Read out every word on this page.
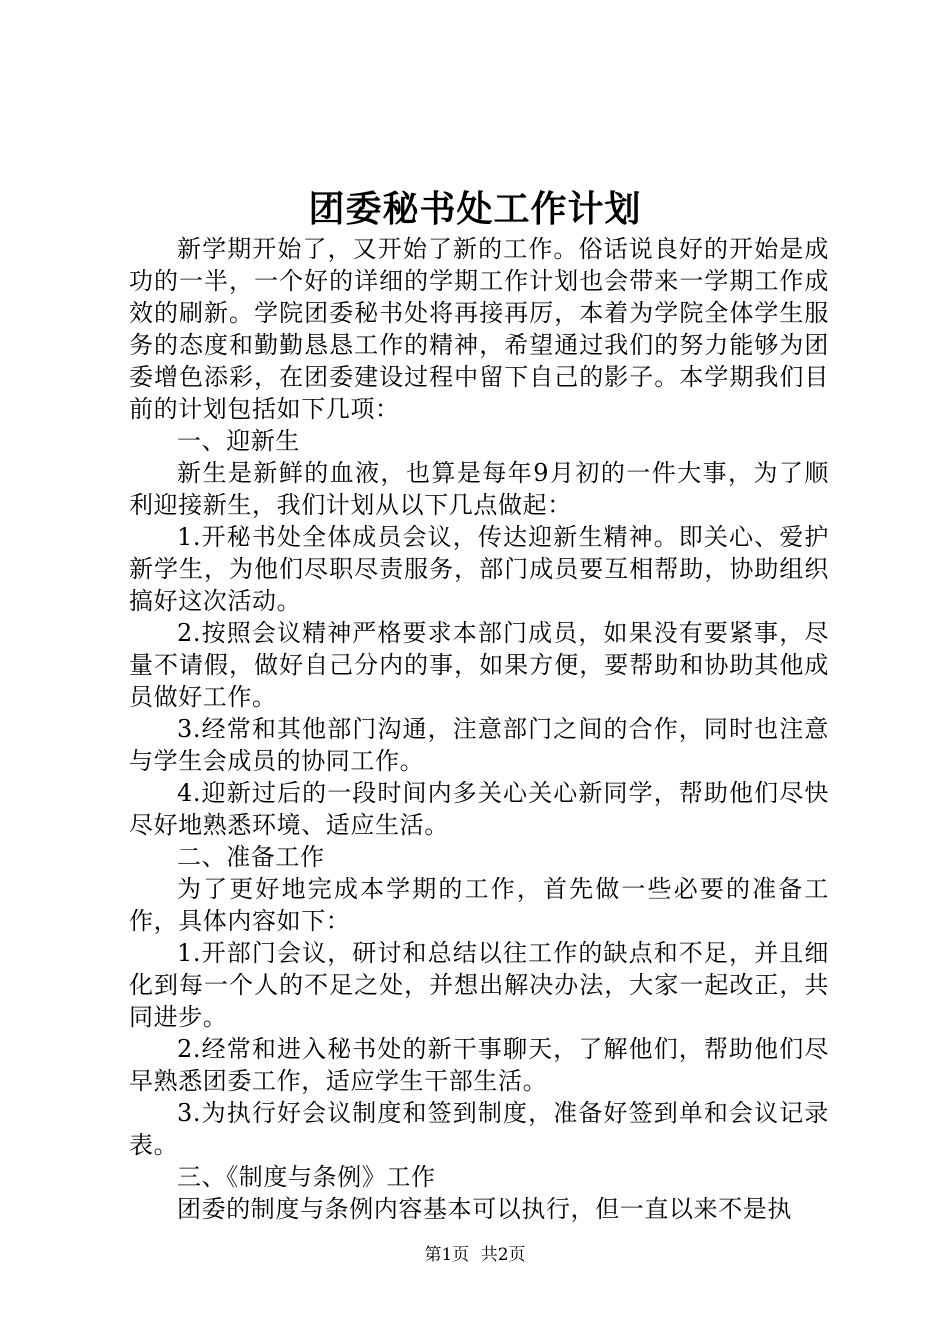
团委秘书处工作计划

新学期开始了，又开始了新的工作。俗话说良好的开始是成功的一半，一个好的详细的学期工作计划也会带来一学期工作成效的刷新。学院团委秘书处将再接再厉，本着为学院全体学生服务的态度和勤勤恳恳工作的精神，希望通过我们的努力能够为团委增色添彩，在团委建设过程中留下自己的影子。本学期我们目前的计划包括如下几项：

一、迎新生

新生是新鲜的血液，也算是每年9月初的一件大事，为了顺利迎接新生，我们计划从以下几点做起：

1.开秘书处全体成员会议，传达迎新生精神。即关心、爱护新学生，为他们尽职尽责服务，部门成员要互相帮助，协助组织搞好这次活动。

2.按照会议精神严格要求本部门成员，如果没有要紧事，尽量不请假，做好自己分内的事，如果方便，要帮助和协助其他成员做好工作。

3.经常和其他部门沟通，注意部门之间的合作，同时也注意与学生会成员的协同工作。

4.迎新过后的一段时间内多关心关心新同学，帮助他们尽快尽好地熟悉环境、适应生活。

二、准备工作

为了更好地完成本学期的工作，首先做一些必要的准备工作，具体内容如下：

1.开部门会议，研讨和总结以往工作的缺点和不足，并且细化到每一个人的不足之处，并想出解决办法，大家一起改正，共同进步。

2.经常和进入秘书处的新干事聊天，了解他们，帮助他们尽早熟悉团委工作，适应学生干部生活。

3.为执行好会议制度和签到制度，准备好签到单和会议记录表。

三、《制度与条例》工作

团委的制度与条例内容基本可以执行，但一直以来不是执

第1页 共2页
